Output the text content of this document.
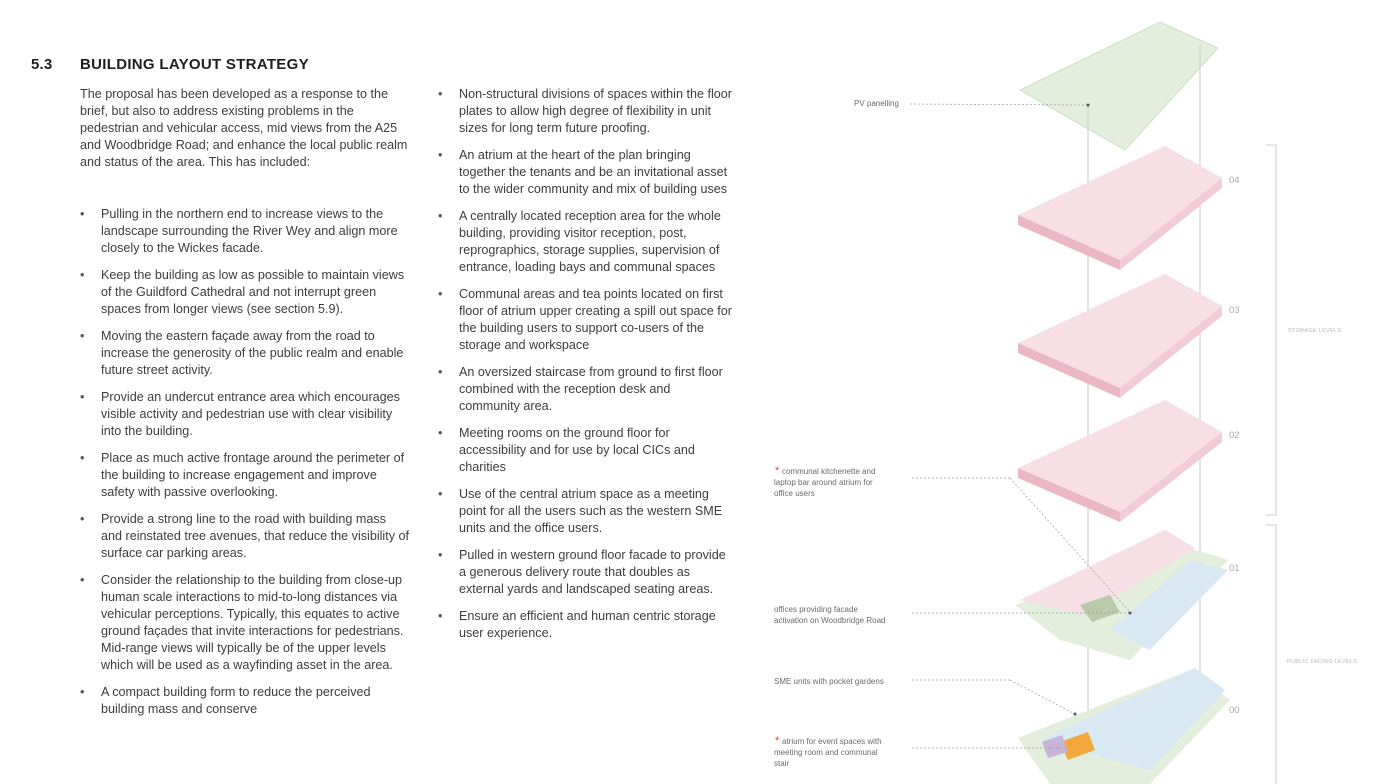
5.3 BUILDING LAYOUT STRATEGY

The proposal has been developed as a response to the brief, but also to address existing problems in the pedestrian and vehicular access, mid views from the A25 and Woodbridge Road; and enhance the local public realm and status of the area. This has included:

• Pulling in the northern end to increase views to the landscape surrounding the River Wey and align more closely to the Wickes facade.
• Keep the building as low as possible to maintain views of the Guildford Cathedral and not interrupt green spaces from longer views (see section 5.9).
• Moving the eastern façade away from the road to increase the generosity of the public realm and enable future street activity.
• Provide an undercut entrance area which encourages visible activity and pedestrian use with clear visibility into the building.
• Place as much active frontage around the perimeter of the building to increase engagement and improve safety with passive overlooking.
• Provide a strong line to the road with building mass and reinstated tree avenues, that reduce the visibility of surface car parking areas.
• Consider the relationship to the building from close-up human scale interactions to mid-to-long distances via vehicular perceptions. Typically, this equates to active ground façades that invite interactions for pedestrians. Mid-range views will typically be of the upper levels which will be used as a wayfinding asset in the area.
• A compact building form to reduce the perceived building mass and conserve
• Non-structural divisions of spaces within the floor plates to allow high degree of flexibility in unit sizes for long term future proofing.
• An atrium at the heart of the plan bringing together the tenants and be an invitational asset to the wider community and mix of building uses
• A centrally located reception area for the whole building, providing visitor reception, post, reprographics, storage supplies, supervision of entrance, loading bays and communal spaces
• Communal areas and tea points located on first floor of atrium upper creating a spill out space for the building users to support co-users of the storage and workspace
• An oversized staircase from ground to first floor combined with the reception desk and community area.
• Meeting rooms on the ground floor for accessibility and for use by local CICs and charities
• Use of the central atrium space as a meeting point for all the users such as the western SME units and the office users.
• Pulled in western ground floor facade to provide a generous delivery route that doubles as external yards and landscaped seating areas.
• Ensure an efficient and human centric storage user experience.
04
03
02
01
00
STORAGE LEVELS
PUBLIC FACING LEVELS
PV panelling
* communal kitchenette and
laptop bar around atrium for
office users
offices providing facade
activation on Woodbridge Road
SME units with pocket gardens
* atrium for event spaces with
meeting room and communal
stair
